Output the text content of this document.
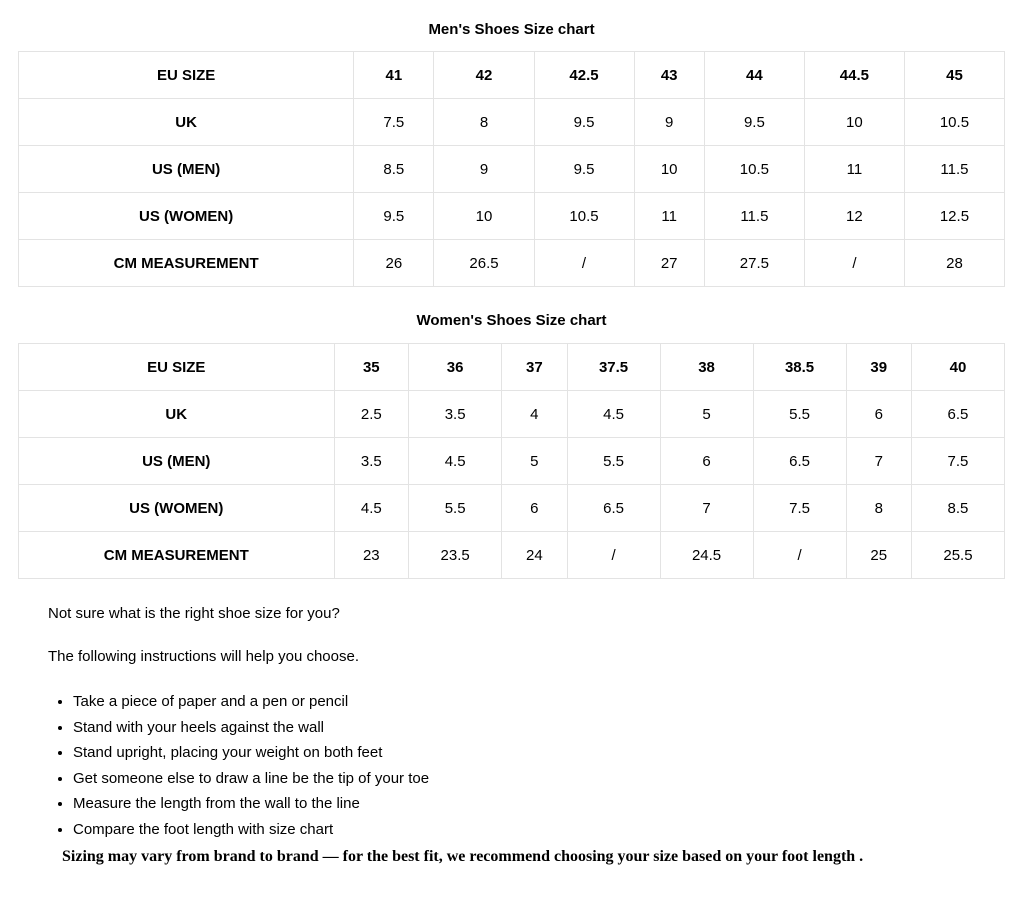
Men's Shoes Size chart
EU SIZE	41	42	42.5	43	44	44.5	45
UK	7.5	8	9.5	9	9.5	10	10.5
US (MEN)	8.5	9	9.5	10	10.5	11	11.5
US (WOMEN)	9.5	10	10.5	11	11.5	12	12.5
CM MEASUREMENT	26	26.5	/	27	27.5	/	28
Women's Shoes Size chart
EU SIZE	35	36	37	37.5	38	38.5	39	40
UK	2.5	3.5	4	4.5	5	5.5	6	6.5
US (MEN)	3.5	4.5	5	5.5	6	6.5	7	7.5
US (WOMEN)	4.5	5.5	6	6.5	7	7.5	8	8.5
CM MEASUREMENT	23	23.5	24	/	24.5	/	25	25.5

Not sure what is the right shoe size for you?

The following instructions will help you choose.

• Take a piece of paper and a pen or pencil
• Stand with your heels against the wall
• Stand upright, placing your weight on both feet
• Get someone else to draw a line be the tip of your toe
• Measure the length from the wall to the line
• Compare the foot length with size chart
Sizing may vary from brand to brand — for the best fit, we recommend choosing your size based on your foot length .
